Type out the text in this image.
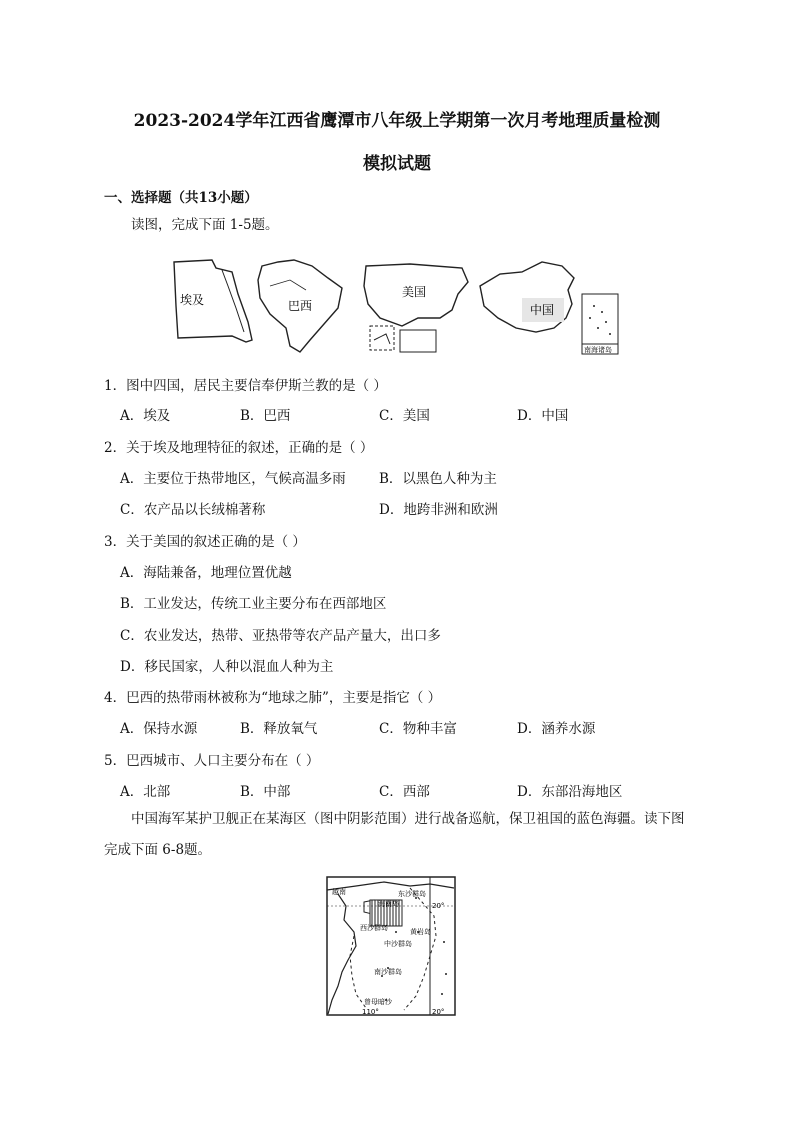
2023-2024学年江西省鹰潭市八年级上学期第一次月考地理质量检测
模拟试题
一、选择题（共13小题）
读图，完成下面 1-5题。
埃及	巴西
美国
中国
南海诸岛
1．图中四国，居民主要信奉伊斯兰教的是（ ）
A．埃及	B．巴西	C．美国	D．中国
2．关于埃及地理特征的叙述，正确的是（ ）
A．主要位于热带地区，气候高温多雨 B．以黑色人种为主
C．农产品以长绒棉著称	D．地跨非洲和欧洲
3．关于美国的叙述正确的是（ ）
A．海陆兼备，地理位置优越
B．工业发达，传统工业主要分布在西部地区
C．农业发达，热带、亚热带等农产品产量大，出口多
D．移民国家，人种以混血人种为主
4．巴西的热带雨林被称为“地球之肺”，主要是指它（ ）
A．保持水源	B．释放氧气	C．物种丰富	D．涵养水源
5．巴西城市、人口主要分布在（ ）
A．北部	B．中部	C．西部	D．东部沿海地区
中国海军某护卫舰正在某海区（图中阴影范围）进行战备巡航，保卫祖国的蓝色海疆。读下图完成下面 6-8题。
越南	东沙群岛
海南岛
西沙群岛	黄岩岛
中沙群岛
南沙群岛
曾母暗沙
20°
110°	20°
